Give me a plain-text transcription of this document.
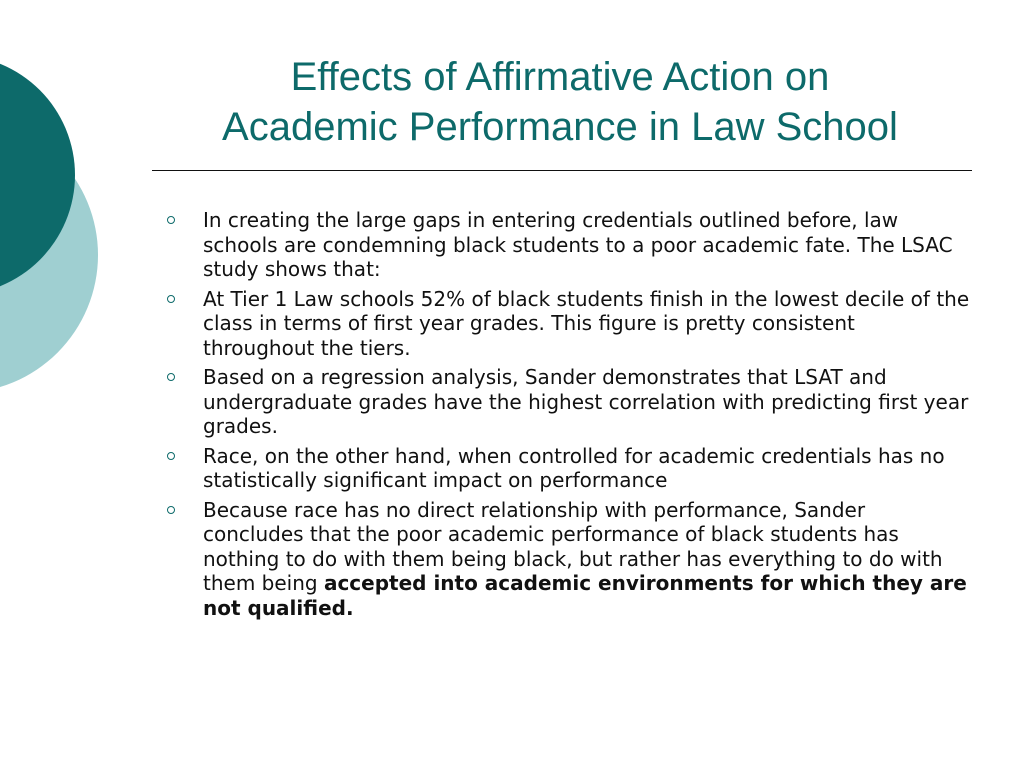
Effects of Affirmative Action on
Academic Performance in Law School
In creating the large gaps in entering credentials outlined before, law schools are condemning black students to a poor academic fate. The LSAC study shows that:
At Tier 1 Law schools 52% of black students finish in the lowest decile of the class in terms of first year grades. This figure is pretty consistent throughout the tiers.
Based on a regression analysis, Sander demonstrates that LSAT and undergraduate grades have the highest correlation with predicting first year grades.
Race, on the other hand, when controlled for academic credentials has no statistically significant impact on performance
Because race has no direct relationship with performance, Sander concludes that the poor academic performance of black students has nothing to do with them being black, but rather has everything to do with them being accepted into academic environments for which they are not qualified.
